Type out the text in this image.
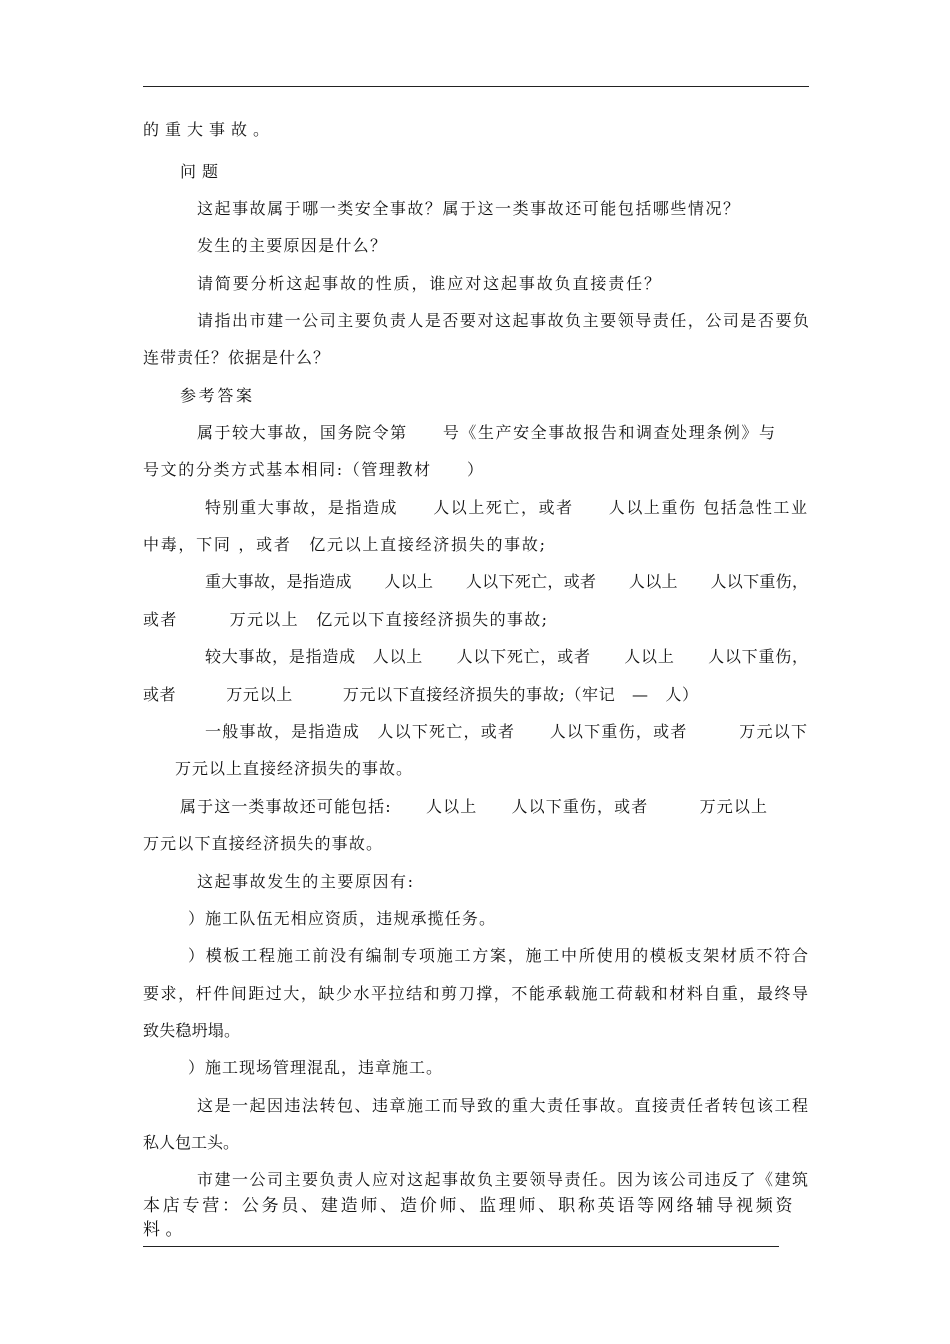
的重大事故。
问题
这起事故属于哪一类安全事故？属于这一类事故还可能包括哪些情况？
发生的主要原因是什么？
请简要分析这起事故的性质，谁应对这起事故负直接责任？
请指出市建一公司主要负责人是否要对这起事故负主要领导责任，公司是否要负
连带责任？依据是什么？
参考答案
属于较大事故，国务院令第　　号《生产安全事故报告和调查处理条例》与
号文的分类方式基本相同:（管理教材　　）
特别重大事故，是指造成　　人以上死亡，或者　　人以上重伤 包括急性工业
中毒，下同 ，或者　亿元以上直接经济损失的事故;
重大事故，是指造成　　人以上　　人以下死亡，或者　　人以上　　人以下重伤，
或者　　　万元以上　亿元以下直接经济损失的事故;
较大事故，是指造成　人以上　　人以下死亡，或者　　人以上　　人以下重伤，
或者　　　万元以上　　　万元以下直接经济损失的事故;（牢记　—　人）
一般事故，是指造成　人以下死亡，或者　　人以下重伤，或者　　　万元以下
万元以上直接经济损失的事故。
属于这一类事故还可能包括:　　人以上　　人以下重伤，或者　　　万元以上
万元以下直接经济损失的事故。
这起事故发生的主要原因有:
）施工队伍无相应资质，违规承揽任务。
）模板工程施工前没有编制专项施工方案，施工中所使用的模板支架材质不符合
要求，杆件间距过大，缺少水平拉结和剪刀撑，不能承载施工荷载和材料自重，最终导
致失稳坍塌。
）施工现场管理混乱，违章施工。
这是一起因违法转包、违章施工而导致的重大责任事故。直接责任者转包该工程
私人包工头。
市建一公司主要负责人应对这起事故负主要领导责任。因为该公司违反了《建筑
本店专营：公务员、建造师、造价师、监理师、职称英语等网络辅导视频资
料。
